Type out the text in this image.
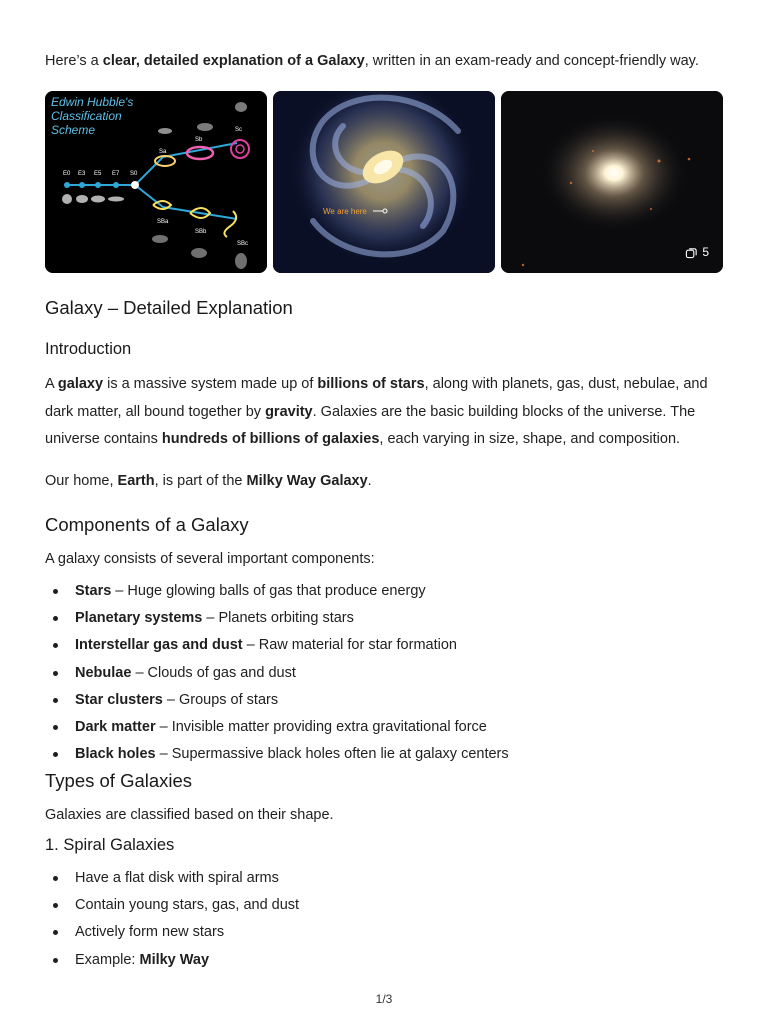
Here’s a clear, detailed explanation of a Galaxy, written in an exam-ready and concept-friendly way.

Edwin Hubble's
Classification
Scheme
E0 E3 E5 E7 S0
Sa
Sb
Sc
SBa
SBb
SBc
We are here
5
Galaxy – Detailed Explanation
Introduction

A galaxy is a massive system made up of billions of stars, along with planets, gas, dust, nebulae, and dark matter, all bound together by gravity. Galaxies are the basic building blocks of the universe. The universe contains hundreds of billions of galaxies, each varying in size, shape, and composition.

Our home, Earth, is part of the Milky Way Galaxy.

Components of a Galaxy

A galaxy consists of several important components:

Stars – Huge glowing balls of gas that produce energy
Planetary systems – Planets orbiting stars
Interstellar gas and dust – Raw material for star formation
Nebulae – Clouds of gas and dust
Star clusters – Groups of stars
Dark matter – Invisible matter providing extra gravitational force
Black holes – Supermassive black holes often lie at galaxy centers
Types of Galaxies

Galaxies are classified based on their shape.

1. Spiral Galaxies
Have a flat disk with spiral arms
Contain young stars, gas, and dust
Actively form new stars
Example: Milky Way
1/3
